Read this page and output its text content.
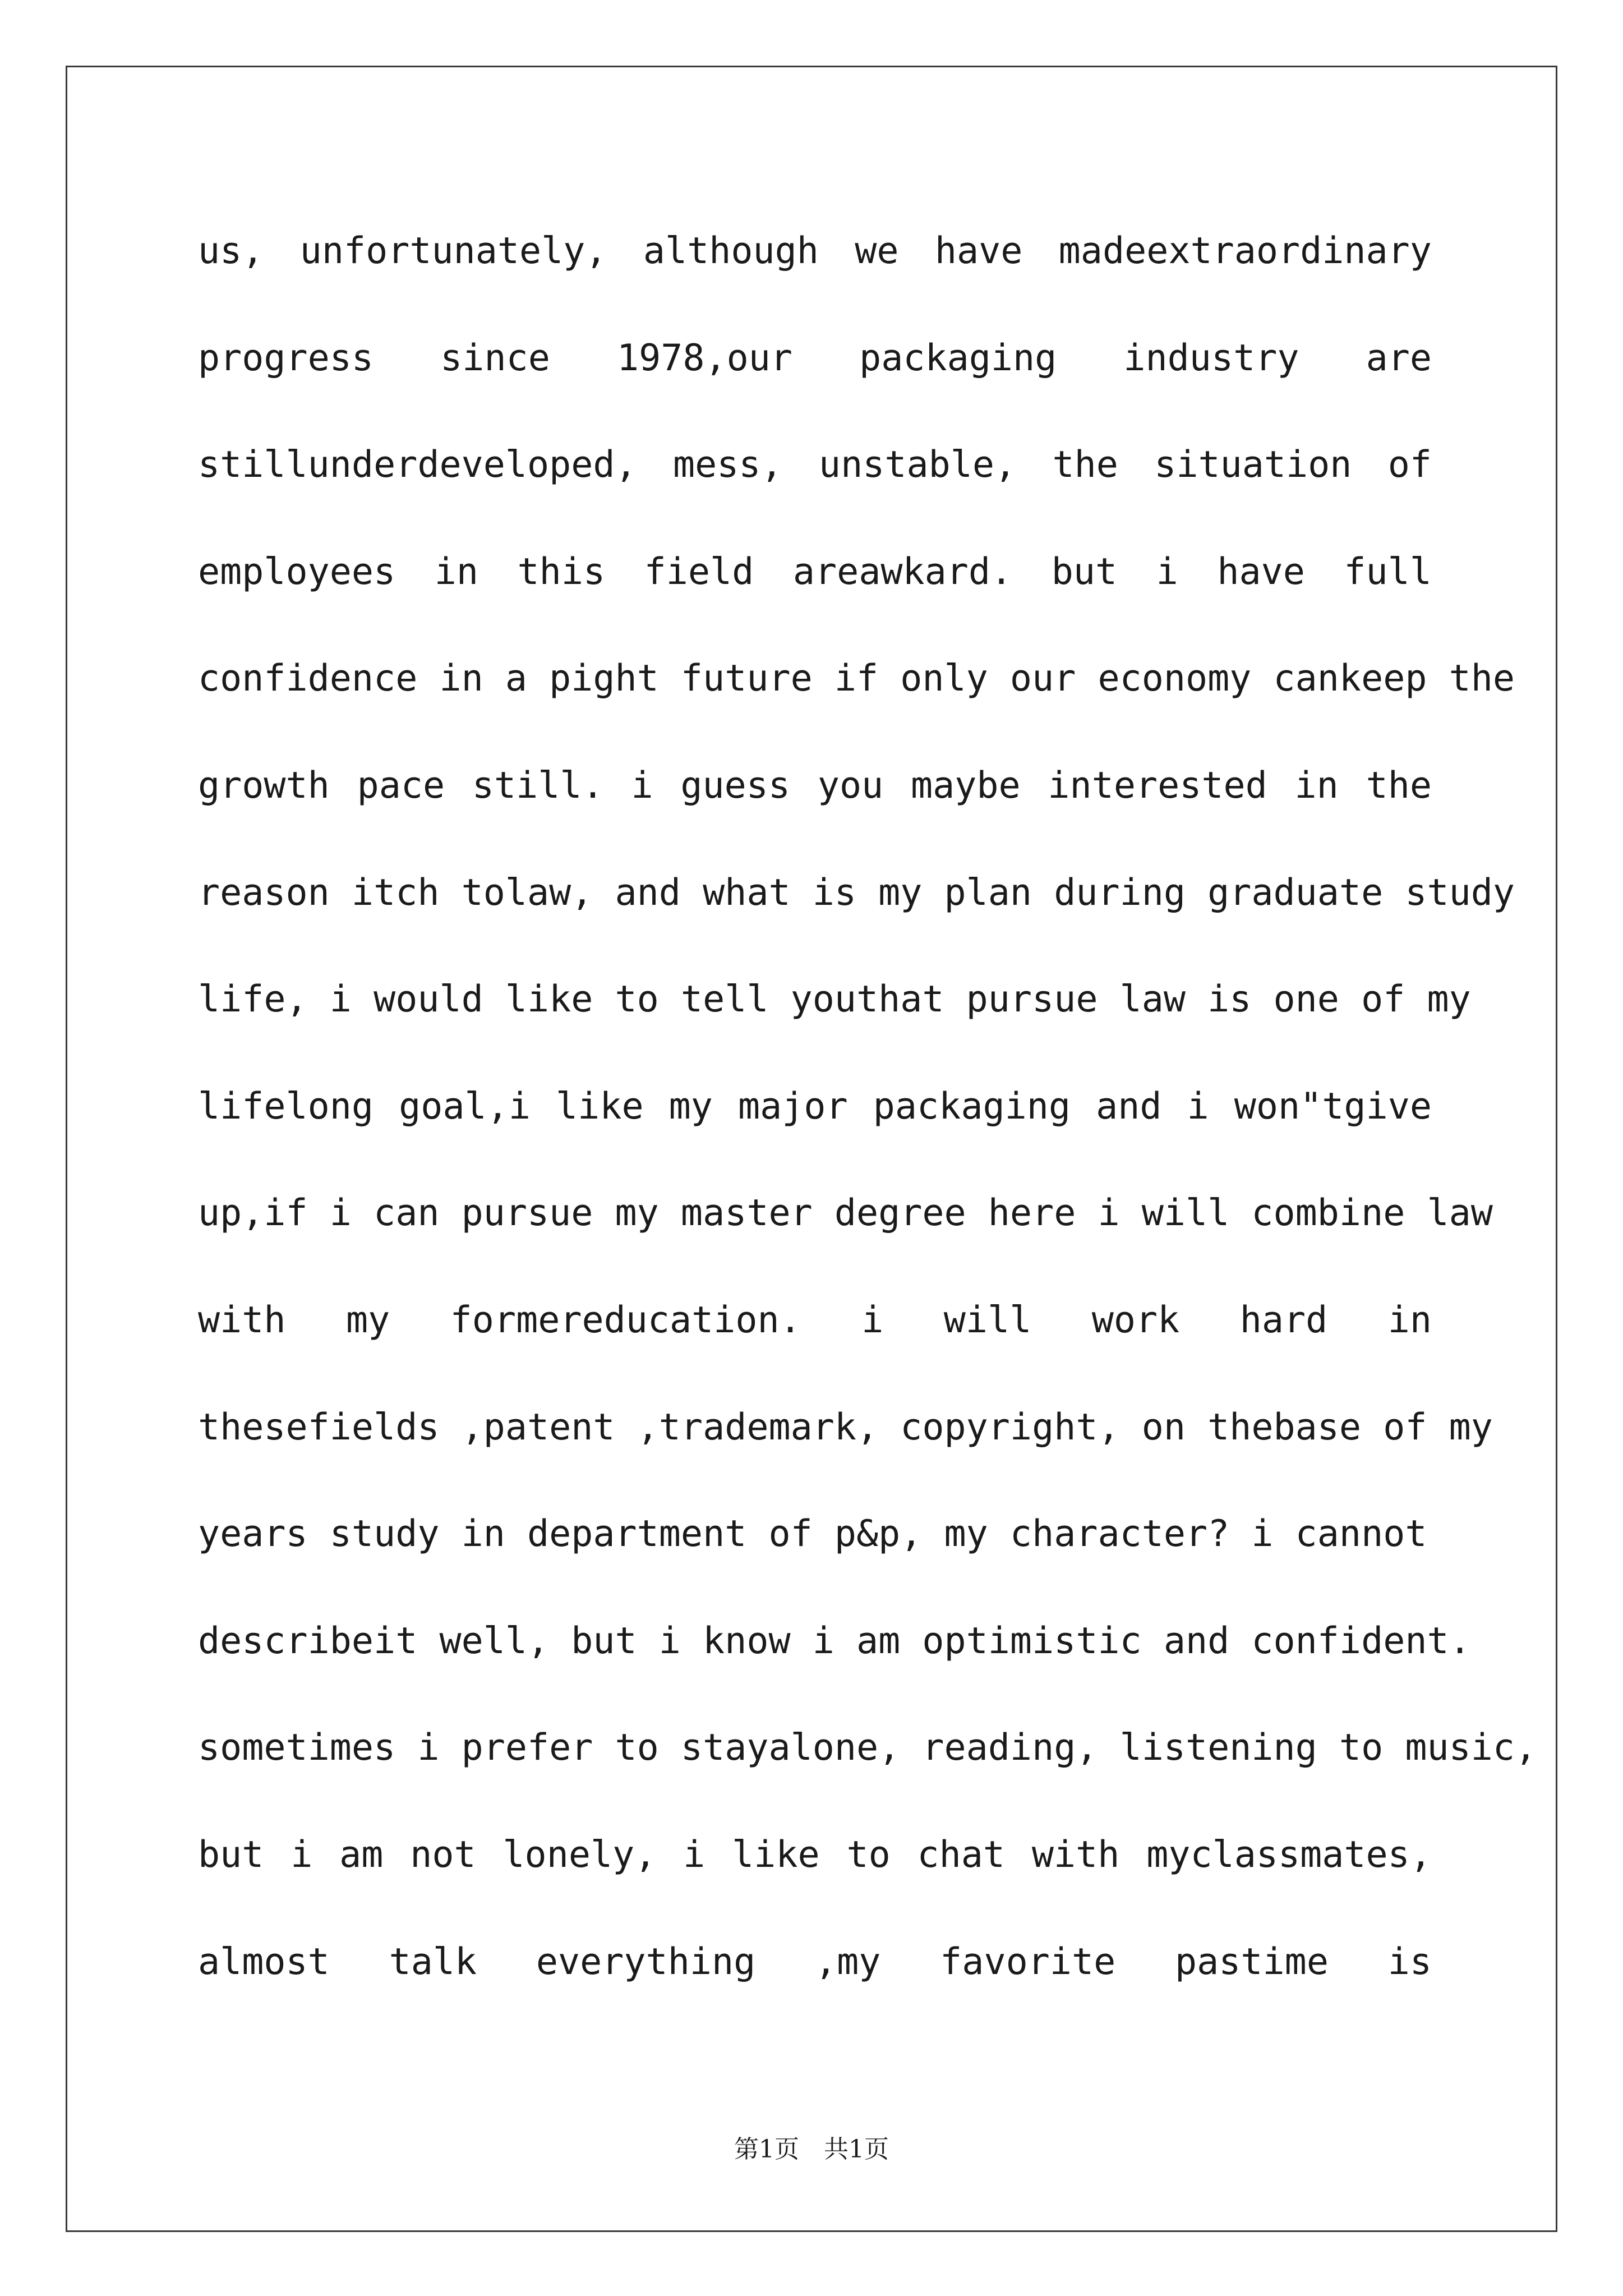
us, unfortunately, although we have madeextraordinary
progress since 1978,our packaging industry are
stillunderdeveloped, mess, unstable, the situation of
employees in this field areawkard. but i have full
confidence in a pight future if only our economy cankeep the
growth pace still. i guess you maybe interested in the
reason itch tolaw, and what is my plan during graduate study
life, i would like to tell youthat pursue law is one of my
lifelong goal,i like my major packaging and i won"tgive
up,if i can pursue my master degree here i will combine law
with my formereducation. i will work hard in
thesefields ,patent ,trademark, copyright, on thebase of my
years study in department of p&p, my character? i cannot
describeit well, but i know i am optimistic and confident.
sometimes i prefer to stayalone, reading, listening to music,
but i am not lonely, i like to chat with myclassmates,
almost talk everything ,my favorite pastime is
第1页　共1页
